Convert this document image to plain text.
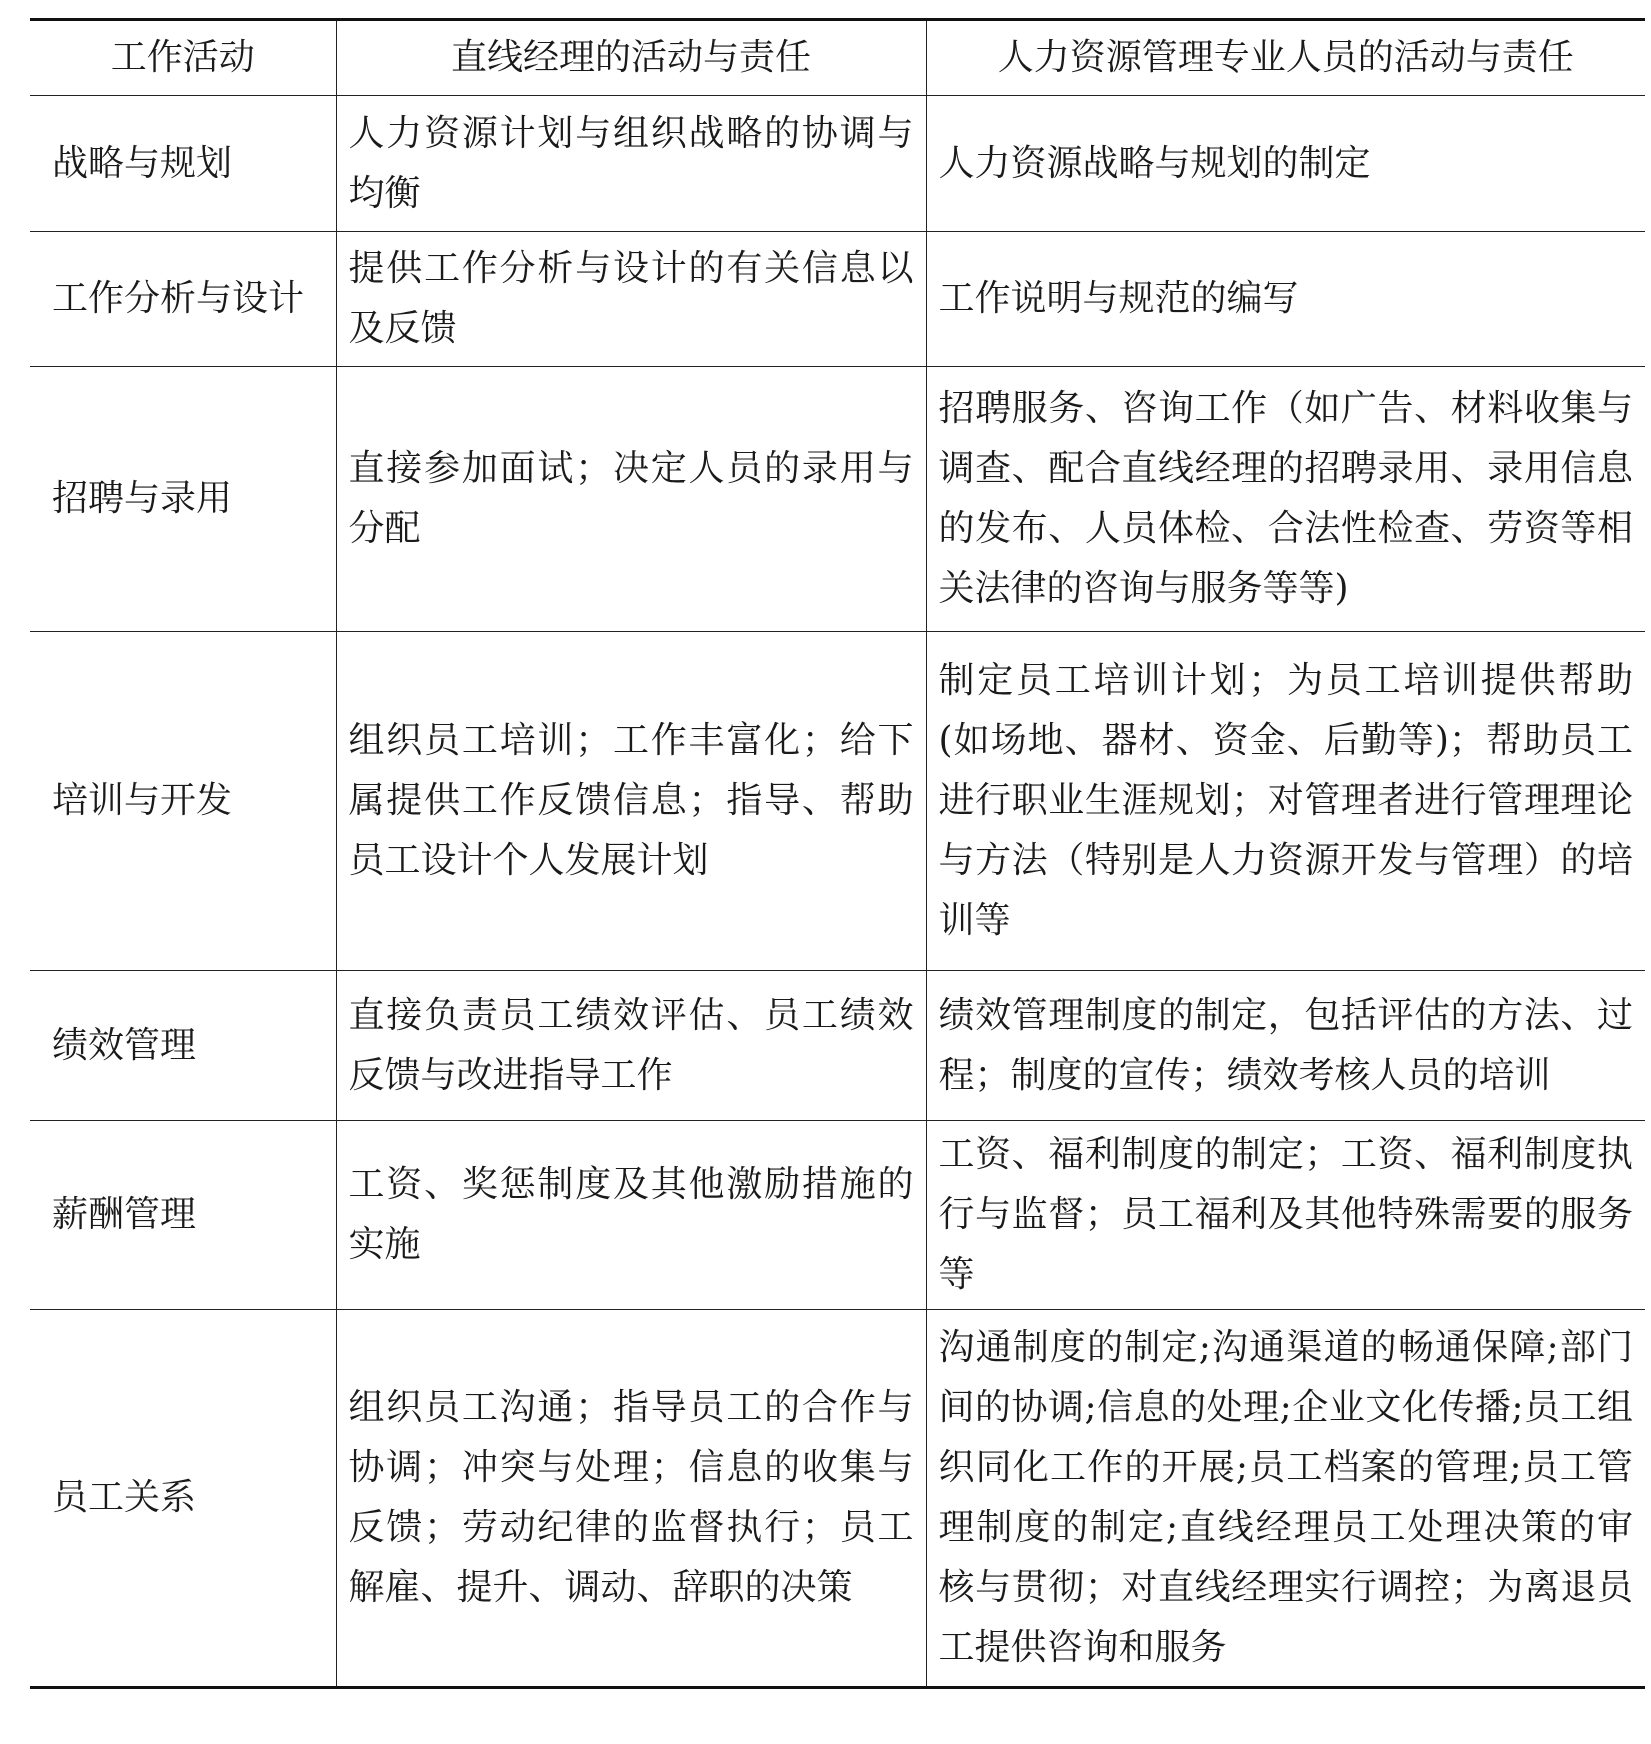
工作活动	直线经理的活动与责任	人力资源管理专业人员的活动与责任
战略与规划	人力资源计划与组织战略的协调与均衡	人力资源战略与规划的制定
工作分析与设计	提供工作分析与设计的有关信息以及反馈	工作说明与规范的编写
招聘与录用	直接参加面试；决定人员的录用与分配	招聘服务、咨询工作（如广告、材料收集与调查、配合直线经理的招聘录用、录用信息的发布、人员体检、合法性检查、劳资等相关法律的咨询与服务等等)
培训与开发	组织员工培训；工作丰富化；给下属提供工作反馈信息；指导、帮助员工设计个人发展计划	制定员工培训计划；为员工培训提供帮助(如场地、器材、资金、后勤等)；帮助员工进行职业生涯规划；对管理者进行管理理论与方法（特别是人力资源开发与管理）的培训等
绩效管理	直接负责员工绩效评估、员工绩效反馈与改进指导工作	绩效管理制度的制定，包括评估的方法、过程；制度的宣传；绩效考核人员的培训
薪酬管理	工资、奖惩制度及其他激励措施的实施	工资、福利制度的制定；工资、福利制度执行与监督；员工福利及其他特殊需要的服务等
员工关系	组织员工沟通；指导员工的合作与协调；冲突与处理；信息的收集与反馈；劳动纪律的监督执行；员工解雇、提升、调动、辞职的决策	沟通制度的制定;沟通渠道的畅通保障;部门间的协调;信息的处理;企业文化传播;员工组织同化工作的开展;员工档案的管理;员工管理制度的制定;直线经理员工处理决策的审核与贯彻；对直线经理实行调控；为离退员工提供咨询和服务
